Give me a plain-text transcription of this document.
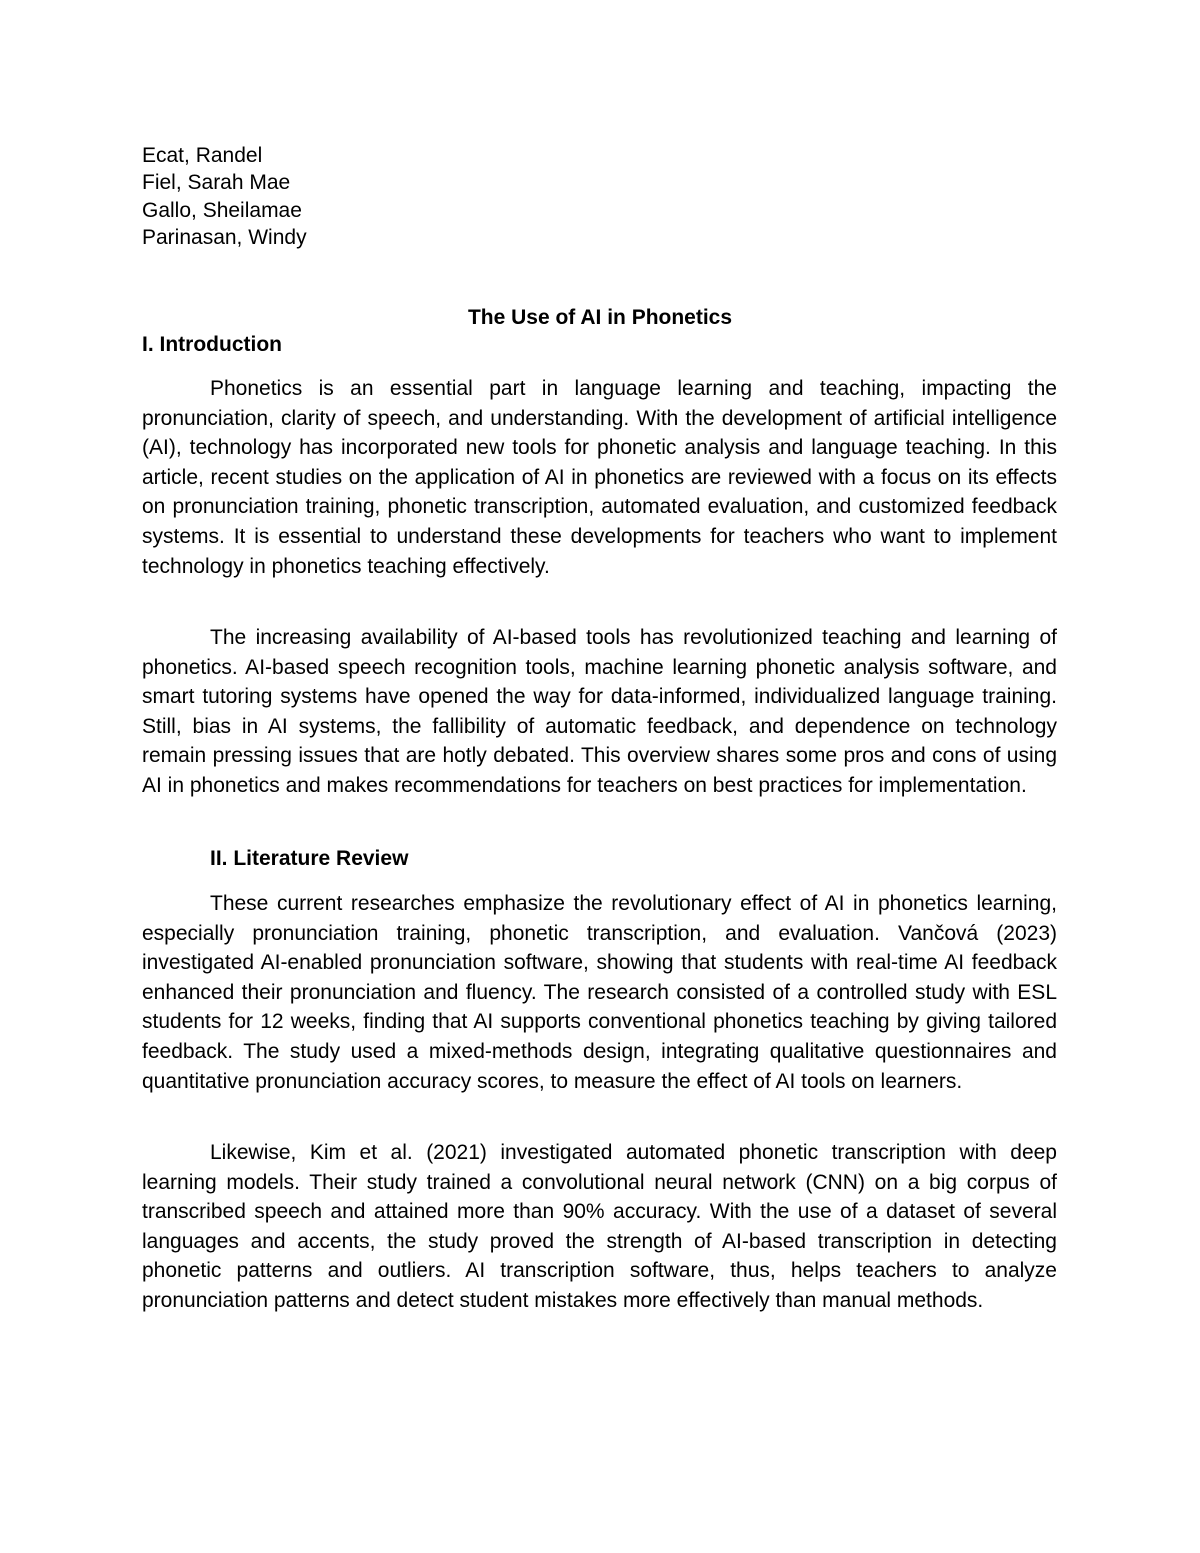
Ecat, Randel
Fiel, Sarah Mae
Gallo, Sheilamae
Parinasan, Windy
The Use of AI in Phonetics
I. Introduction

Phonetics is an essential part in language learning and teaching, impacting the pronunciation, clarity of speech, and understanding. With the development of artificial intelligence (AI), technology has incorporated new tools for phonetic analysis and language teaching. In this article, recent studies on the application of AI in phonetics are reviewed with a focus on its effects on pronunciation training, phonetic transcription, automated evaluation, and customized feedback systems. It is essential to understand these developments for teachers who want to implement technology in phonetics teaching effectively.

The increasing availability of AI-based tools has revolutionized teaching and learning of phonetics. AI-based speech recognition tools, machine learning phonetic analysis software, and smart tutoring systems have opened the way for data-informed, individualized language training. Still, bias in AI systems, the fallibility of automatic feedback, and dependence on technology remain pressing issues that are hotly debated. This overview shares some pros and cons of using AI in phonetics and makes recommendations for teachers on best practices for implementation.

II. Literature Review

These current researches emphasize the revolutionary effect of AI in phonetics learning, especially pronunciation training, phonetic transcription, and evaluation. Vančová (2023) investigated AI-enabled pronunciation software, showing that students with real-time AI feedback enhanced their pronunciation and fluency. The research consisted of a controlled study with ESL students for 12 weeks, finding that AI supports conventional phonetics teaching by giving tailored feedback. The study used a mixed-methods design, integrating qualitative questionnaires and quantitative pronunciation accuracy scores, to measure the effect of AI tools on learners.

Likewise, Kim et al. (2021) investigated automated phonetic transcription with deep learning models. Their study trained a convolutional neural network (CNN) on a big corpus of transcribed speech and attained more than 90% accuracy. With the use of a dataset of several languages and accents, the study proved the strength of AI-based transcription in detecting phonetic patterns and outliers. AI transcription software, thus, helps teachers to analyze pronunciation patterns and detect student mistakes more effectively than manual methods.
